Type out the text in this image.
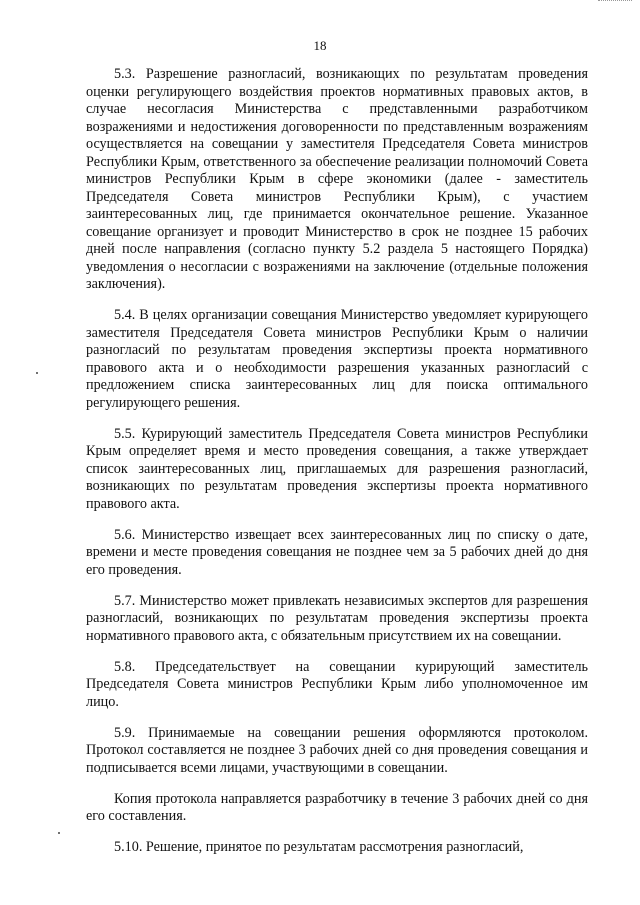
18

5.3. Разрешение разногласий, возникающих по результатам проведения оценки регулирующего воздействия проектов нормативных правовых актов, в случае несогласия Министерства с представленными разработчиком возражениями и недостижения договоренности по представленным возражениям осуществляется на совещании у заместителя Председателя Совета министров Республики Крым, ответственного за обеспечение реализации полномочий Совета министров Республики Крым в сфере экономики (далее - заместитель Председателя Совета министров Республики Крым), с участием заинтересованных лиц, где принимается окончательное решение. Указанное совещание организует и проводит Министерство в срок не позднее 15 рабочих дней после направления (согласно пункту 5.2 раздела 5 настоящего Порядка) уведомления о несогласии с возражениями на заключение (отдельные положения заключения).

5.4. В целях организации совещания Министерство уведомляет курирующего заместителя Председателя Совета министров Республики Крым о наличии разногласий по результатам проведения экспертизы проекта нормативного правового акта и о необходимости разрешения указанных разногласий с предложением списка заинтересованных лиц для поиска оптимального регулирующего решения.

5.5. Курирующий заместитель Председателя Совета министров Республики Крым определяет время и место проведения совещания, а также утверждает список заинтересованных лиц, приглашаемых для разрешения разногласий, возникающих по результатам проведения экспертизы проекта нормативного правового акта.

5.6. Министерство извещает всех заинтересованных лиц по списку о дате, времени и месте проведения совещания не позднее чем за 5 рабочих дней до дня его проведения.

5.7. Министерство может привлекать независимых экспертов для разрешения разногласий, возникающих по результатам проведения экспертизы проекта нормативного правового акта, с обязательным присутствием их на совещании.

5.8. Председательствует на совещании курирующий заместитель Председателя Совета министров Республики Крым либо уполномоченное им лицо.

5.9. Принимаемые на совещании решения оформляются протоколом. Протокол составляется не позднее 3 рабочих дней со дня проведения совещания и подписывается всеми лицами, участвующими в совещании.

Копия протокола направляется разработчику в течение 3 рабочих дней со дня его составления.

5.10. Решение, принятое по результатам рассмотрения разногласий,
